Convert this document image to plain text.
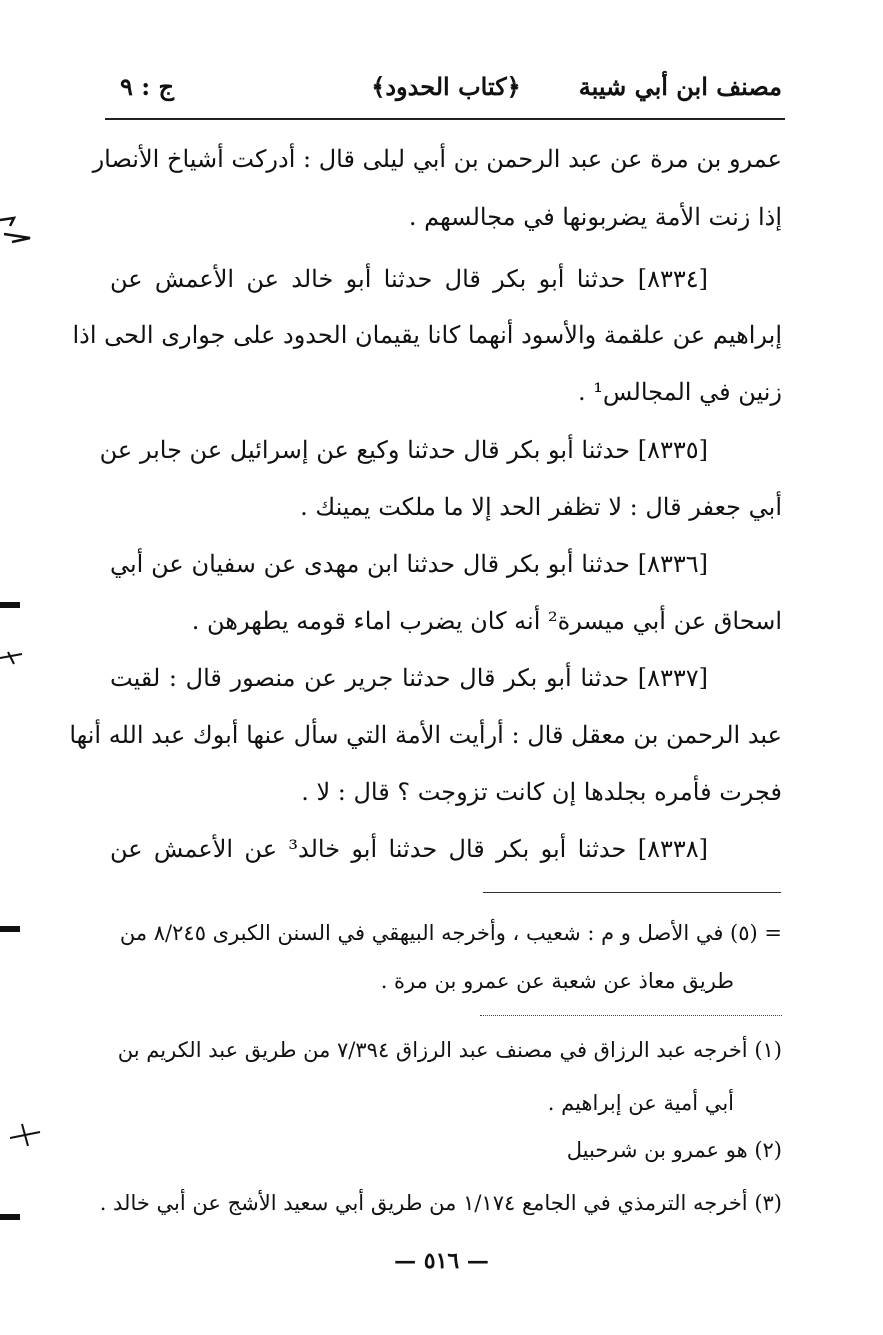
مصنف ابن أبي شيبة
﴿كتاب الحدود﴾
ج : ٩
عمرو بن مرة عن عبد الرحمن بن أبي ليلى قال : أدركت أشياخ الأنصار
إذا زنت الأمة يضربونها في مجالسهم .
[٨٣٣٤] حدثنا أبو بكر قال حدثنا أبو خالد عن الأعمش عن
إبراهيم عن علقمة والأسود أنهما كانا يقيمان الحدود على جوارى الحى اذا
زنين في المجالس¹ .
[٨٣٣٥] حدثنا أبو بكر قال حدثنا وكيع عن إسرائيل عن جابر عن
أبي جعفر قال : لا تظفر الحد إلا ما ملكت يمينك .
[٨٣٣٦] حدثنا أبو بكر قال حدثنا ابن مهدى عن سفيان عن أبي
اسحاق عن أبي ميسرة² أنه كان يضرب اماء قومه يطهرهن .
[٨٣٣٧] حدثنا أبو بكر قال حدثنا جرير عن منصور قال : لقيت
عبد الرحمن بن معقل قال : أرأيت الأمة التي سأل عنها أبوك عبد الله أنها
فجرت فأمره بجلدها إن كانت تزوجت ؟ قال : لا .
[٨٣٣٨] حدثنا أبو بكر قال حدثنا أبو خالد³ عن الأعمش عن
= (٥) في الأصل و م : شعيب ، وأخرجه البيهقي في السنن الكبرى ٨/٢٤٥ من
طريق معاذ عن شعبة عن عمرو بن مرة .
(١) أخرجه عبد الرزاق في مصنف عبد الرزاق ٧/٣٩٤ من طريق عبد الكريم بن
أبي أمية عن إبراهيم .
(٢) هو عمرو بن شرحبيل
(٣) أخرجه الترمذي في الجامع ١/١٧٤ من طريق أبي سعيد الأشج عن أبي خالد .
— ٥١٦ —
